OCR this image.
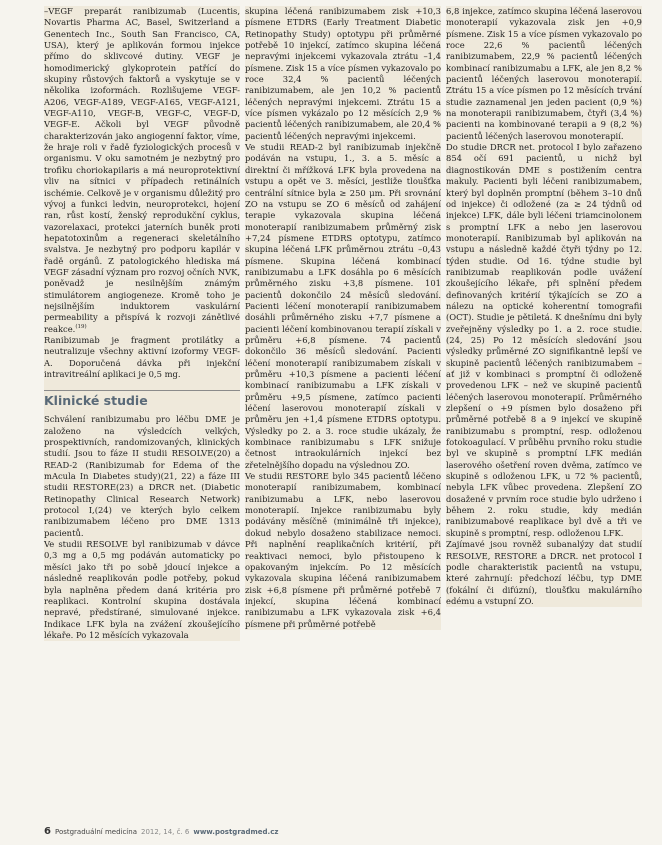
–VEGF preparát ranibizumab (Lucentis, Novartis Pharma AC, Basel, Switzerland a Genentech Inc., South San Francisco, CA, USA), který je aplikován formou injekce přímo do sklivcové dutiny. VEGF je homodimerický glykoprotein patřící do skupiny růstových faktorů a vyskytuje se v několika izoformách. Rozlišujeme VEGF-A206, VEGF-A189, VEGF-A165, VEGF-A121, VEGF-A110, VEGF-B, VEGF-C, VEGF-D, VEGF-E. Ačkoli byl VEGF původně charakterizován jako angiogenní faktor, víme, že hraje roli v řadě fyziologických procesů v organismu. V oku samotném je nezbytný pro trofiku choriokapilaris a má neuroprotektivní vliv na sítnici v případech retinálních ischémie. Celkově je v organismu důležitý pro vývoj a funkci ledvin, neuroprotekci, hojení ran, růst kostí, ženský reprodukční cyklus, vazorelaxaci, protekci jaterních buněk proti hepatotoxinům a regeneraci skeletálního svalstva. Je nezbytný pro podporu kapilár v řadě orgánů. Z patologického hlediska má VEGF zásadní význam pro rozvoj očních NVK, poněvadž je nesilnějším známým stimulátorem angiogeneze. Kromě toho je nejsilnějším induktorem vaskulární permeability a přispívá k rozvoji zánětlivé reakce.$^{(19)}$

Ranibizumab je fragment protilátky a neutralizuje všechny aktivní izoformy VEGF-A. Doporučená dávka při injekční intravitreální aplikaci je 0,5 mg.

Klinické studie

Schválení ranibizumabu pro léčbu DME je založeno na výsledcích velkých, prospektivních, randomizovaných, klinických studií. Jsou to fáze II studii RESOLVE(20) a READ-2 (Ranibizumab for Edema of the mAcula In Diabetes study)(21, 22) a fáze III studii RESTORE(23) a DRCR net. (Diabetic Retinopathy Clinical Research Network) protocol I,(24) ve kterých bylo celkem ranibizumabem léčeno pro DME 1313 pacientů.

Ve studii RESOLVE byl ranibizumab v dávce 0,3 mg a 0,5 mg podáván automaticky po měsíci jako tři po sobě jdoucí injekce a následně reaplikován podle potřeby, pokud byla naplněna předem daná kritéria pro reaplikaci. Kontrolní skupina dostávala nepravé, předstírané, simulované injekce. Indikace LFK byla na zvážení zkoušejícího lékaře. Po 12 měsících vykazovala

skupina léčená ranibizumabem zisk +10,3 písmene ETDRS (Early Treatment Diabetic Retinopathy Study) optotypu při průměrné potřebě 10 injekcí, zatímco skupina léčená nepravými injekcemi vykazovala ztrátu –1,4 písmene. Zisk 15 a více písmen vykazovalo po roce 32,4 % pacientů léčených ranibizumabem, ale jen 10,2 % pacientů léčených nepravými injekcemi. Ztrátu 15 a více písmen vykázalo po 12 měsících 2,9 % pacientů léčených ranibizumabem, ale 20,4 % pacientů léčených nepravými injekcemi.

Ve studii READ-2 byl ranibizumab injekčně podáván na vstupu, 1., 3. a 5. měsíc a direktní či mřížková LFK byla provedena na vstupu a opět ve 3. měsíci, jestliže tloušťka centrální sítnice byla ≥ 250 μm. Při srovnání ZO na vstupu se ZO 6 měsíců od zahájení terapie vykazovala skupina léčená monoterapií ranibizumabem průměrný zisk +7,24 písmene ETDRS optotypu, zatímco skupina léčená LFK průměrnou ztrátu –0,43 písmene. Skupina léčená kombinací ranibizumabu a LFK dosáhla po 6 měsících průměrného zisku +3,8 písmene. 101 pacientů dokončilo 24 měsíců sledování. Pacienti léčení monoterapií ranibizumabem dosáhli průměrného zisku +7,7 písmene a pacienti léčení kombinovanou terapií získali v průměru +6,8 písmene. 74 pacientů dokončilo 36 měsíců sledování. Pacienti léčení monoterapií ranibizumabem získali v průměru +10,3 písmene a pacienti léčení kombinací ranibizumabu a LFK získali v průměru +9,5 písmene, zatímco pacienti léčení laserovou monoterapií získali v průměru jen +1,4 písmene ETDRS optotypu. Výsledky po 2. a 3. roce studie ukázaly, že kombinace ranibizumabu s LFK snižuje četnost intraokulárních injekcí bez zřetelnějšího dopadu na výslednou ZO.

Ve studii RESTORE bylo 345 pacientů léčeno monoterapií ranibizumabem, kombinací ranibizumabu a LFK, nebo laserovou monoterapií. Injekce ranibizumabu byly podávány měsíčně (minimálně tři injekce), dokud nebylo dosaženo stabilizace nemoci. Při naplnění reaplikačních kritérií, při reaktivaci nemoci, bylo přistoupeno k opakovaným injekcím. Po 12 měsících vykazovala skupina léčená ranibizumabem zisk +6,8 písmene při průměrné potřebě 7 injekcí, skupina léčená kombinací ranibizumabu a LFK vykazovala zisk +6,4 písmene při průměrné potřebě

6,8 injekce, zatímco skupina léčená laserovou monoterapií vykazovala zisk jen +0,9 písmene. Zisk 15 a více písmen vykazovalo po roce 22,6 % pacientů léčených ranibizumabem, 22,9 % pacientů léčených kombinací ranibizumabu a LFK, ale jen 8,2 % pacientů léčených laserovou monoterapií. Ztrátu 15 a více písmen po 12 měsících trvání studie zaznamenal jen jeden pacient (0,9 %) na monoterapii ranibizumabem, čtyři (3,4 %) pacienti na kombinované terapii a 9 (8,2 %) pacientů léčených laserovou monoterapií.

Do studie DRCR net. protocol I bylo zařazeno 854 očí 691 pacientů, u nichž byl diagnostikován DME s postižením centra makuly. Pacienti byli léčeni ranibizumabem, který byl doplněn promptní (během 3–10 dnů od injekce) či odložené (za ≥ 24 týdnů od injekce) LFK, dále byli léčeni triamcinolonem s promptní LFK a nebo jen laserovou monoterapií. Ranibizumab byl aplikován na vstupu a následně každé čtyři týdny po 12. týden studie. Od 16. týdne studie byl ranibizumab reaplikován podle uvážení zkoušejícího lékaře, při splnění předem definovaných kritérií týkajících se ZO a nálezu na optické koherentní tomografii (OCT). Studie je pětiletá. K dnešnímu dni byly zveřejněny výsledky po 1. a 2. roce studie.(24, 25) Po 12 měsících sledování jsou výsledky průměrné ZO signifikantně lepší ve skupině pacientů léčených ranibizumabem – ať již v kombinaci s promptní či odloženě provedenou LFK – než ve skupině pacientů léčených laserovou monoterapií. Průměrného zlepšení o +9 písmen bylo dosaženo při průměrné potřebě 8 a 9 injekcí ve skupině ranibizumabu s promptní, resp. odloženou fotokoagulací. V průběhu prvního roku studie byl ve skupině s promptní LFK medián laserového ošetření roven dvěma, zatímco ve skupině s odloženou LFK, u 72 % pacientů, nebyla LFK vůbec provedena. Zlepšení ZO dosažené v prvním roce studie bylo udrženo i během 2. roku studie, kdy medián ranibizumabové reaplikace byl dvě a tři ve skupině s promptní, resp. odloženou LFK.

Zajímavé jsou rovněž subanalýzy dat studií RESOLVE, RESTORE a DRCR. net protocol I podle charakteristik pacientů na vstupu, které zahrnují: předchozí léčbu, typ DME (fokální či difúzní), tloušťku makulárního edému a vstupní ZO.

6 Postgraduální medicína 2012, 14, č. 6 www.postgradmed.cz
